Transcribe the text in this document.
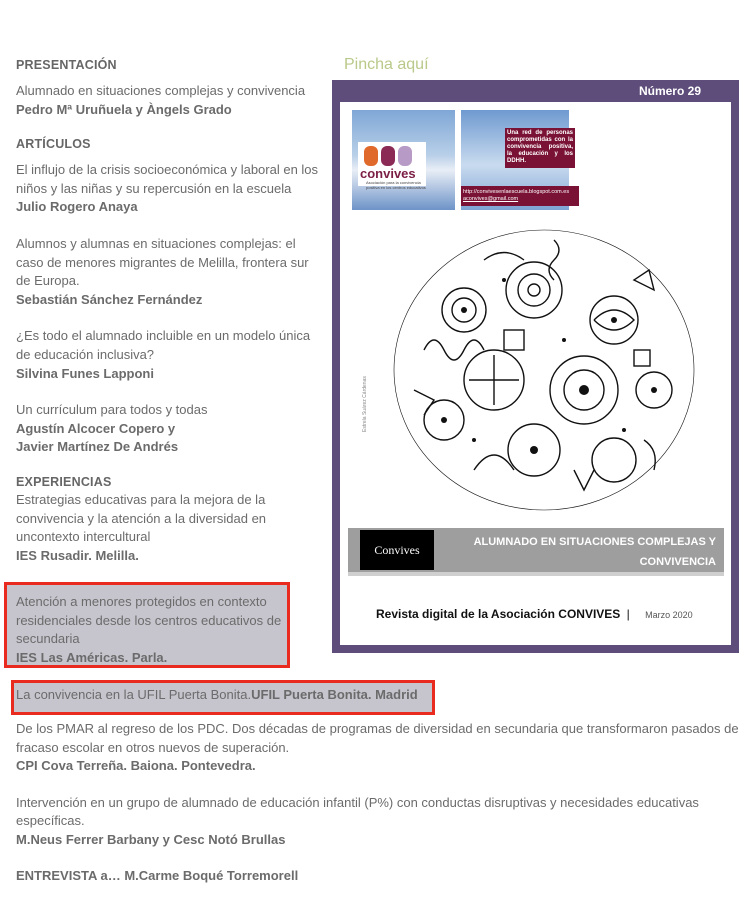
PRESENTACIÓN
Alumnado en situaciones complejas y convivencia
Pedro Mª Uruñuela y Àngels Grado
ARTÍCULOS
El influjo de la crisis socioeconómica y laboral en los niños y las niñas y su repercusión en la escuela
Julio Rogero Anaya
Alumnos y alumnas en situaciones complejas: el caso de menores migrantes de Melilla, frontera sur de Europa.
Sebastián Sánchez Fernández
¿Es todo el alumnado incluible en un modelo única de educación inclusiva?
Silvina Funes Lapponi
Un currículum para todos y todas
Agustín Alcocer Copero y
Javier Martínez De Andrés
EXPERIENCIAS
Estrategias educativas para la mejora de la convivencia y la atención a la diversidad en uncontexto intercultural
IES Rusadir. Melilla.
Atención a menores protegidos en contexto residenciales desde los centros educativos de secundaria
IES Las Américas. Parla.
La convivencia en la UFIL Puerta Bonita.UFIL Puerta Bonita. Madrid
De los PMAR al regreso de los PDC. Dos décadas de programas de diversidad en secundaria que transformaron pasados de fracaso escolar en otros nuevos de superación.
CPI Cova Terreña. Baiona. Pontevedra.
Intervención en un grupo de alumnado de educación infantil (P%) con conductas disruptivas y necesidades educativas específicas.
M.Neus Ferrer Barbany y Cesc Notó Brullas
ENTREVISTA a… M.Carme Boqué Torremorell
Pincha aquí
Número 29
convives
Asociación para la convivencia positiva en los centros educativos
Una red de personas comprometidas con la convivencia positiva, la educación y los DDHH.
http://convivesenlaescuela.blogspot.com.es
aconvives@gmail.com
Estrela Suárez Cárdenas
Convives
ALUMNADO EN SITUACIONES COMPLEJAS Y CONVIVENCIA
Revista digital de la Asociación CONVIVES | Marzo 2020
